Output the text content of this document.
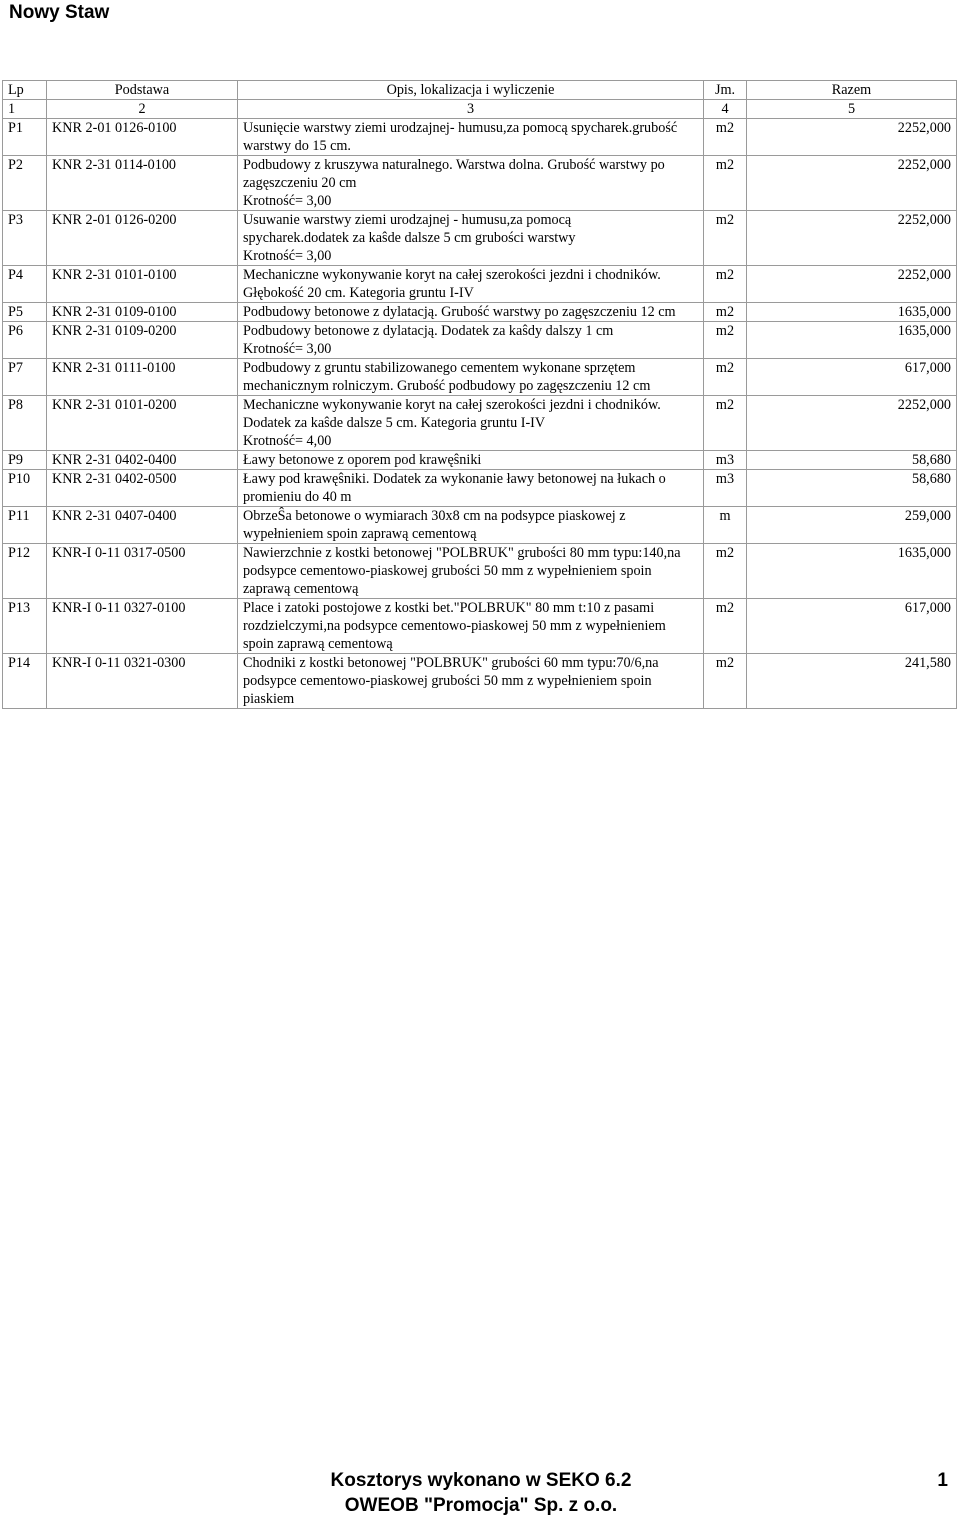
Nowy Staw
Lp	Podstawa	Opis, lokalizacja i wyliczenie	Jm.	Razem
1	2	3	4	5
P1	KNR 2-01 0126-0100	Usunięcie warstwy ziemi urodzajnej- humusu,za pomocą spycharek.grubość
warstwy do 15 cm.	m2	2252,000
P2	KNR 2-31 0114-0100	Podbudowy z kruszywa naturalnego. Warstwa dolna. Grubość warstwy po
zagęszczeniu 20 cm
Krotność= 3,00	m2	2252,000
P3	KNR 2-01 0126-0200	Usuwanie warstwy ziemi urodzajnej - humusu,za pomocą
spycharek.dodatek za kaŝde dalsze 5 cm grubości warstwy
Krotność= 3,00	m2	2252,000
P4	KNR 2-31 0101-0100	Mechaniczne wykonywanie koryt na całej szerokości jezdni i chodników.
Głębokość 20 cm. Kategoria gruntu I-IV	m2	2252,000
P5	KNR 2-31 0109-0100	Podbudowy betonowe z dylatacją. Grubość warstwy po zagęszczeniu 12 cm	m2	1635,000
P6	KNR 2-31 0109-0200	Podbudowy betonowe z dylatacją. Dodatek za kaŝdy dalszy 1 cm
Krotność= 3,00	m2	1635,000
P7	KNR 2-31 0111-0100	Podbudowy z gruntu stabilizowanego cementem wykonane sprzętem
mechanicznym rolniczym. Grubość podbudowy po zagęszczeniu 12 cm	m2	617,000
P8	KNR 2-31 0101-0200	Mechaniczne wykonywanie koryt na całej szerokości jezdni i chodników.
Dodatek za kaŝde dalsze 5 cm. Kategoria gruntu I-IV
Krotność= 4,00	m2	2252,000
P9	KNR 2-31 0402-0400	Ławy betonowe z oporem pod krawęŝniki	m3	58,680
P10	KNR 2-31 0402-0500	Ławy pod krawęŝniki. Dodatek za wykonanie ławy betonowej na łukach o
promieniu do 40 m	m3	58,680
P11	KNR 2-31 0407-0400	ObrzeŜa betonowe o wymiarach 30x8 cm na podsypce piaskowej z
wypełnieniem spoin zaprawą cementową	m	259,000
P12	KNR-I 0-11 0317-0500	Nawierzchnie z kostki betonowej "POLBRUK" grubości 80 mm typu:140,na
podsypce cementowo-piaskowej grubości 50 mm z wypełnieniem spoin
zaprawą cementową	m2	1635,000
P13	KNR-I 0-11 0327-0100	Place i zatoki postojowe z kostki bet."POLBRUK" 80 mm t:10 z pasami
rozdzielczymi,na podsypce cementowo-piaskowej 50 mm z wypełnieniem
spoin zaprawą cementową	m2	617,000
P14	KNR-I 0-11 0321-0300	Chodniki z kostki betonowej "POLBRUK" grubości 60 mm typu:70/6,na
podsypce cementowo-piaskowej grubości 50 mm z wypełnieniem spoin
piaskiem	m2	241,580
Kosztorys wykonano w SEKO 6.2	1
OWEOB "Promocja" Sp. z o.o.
